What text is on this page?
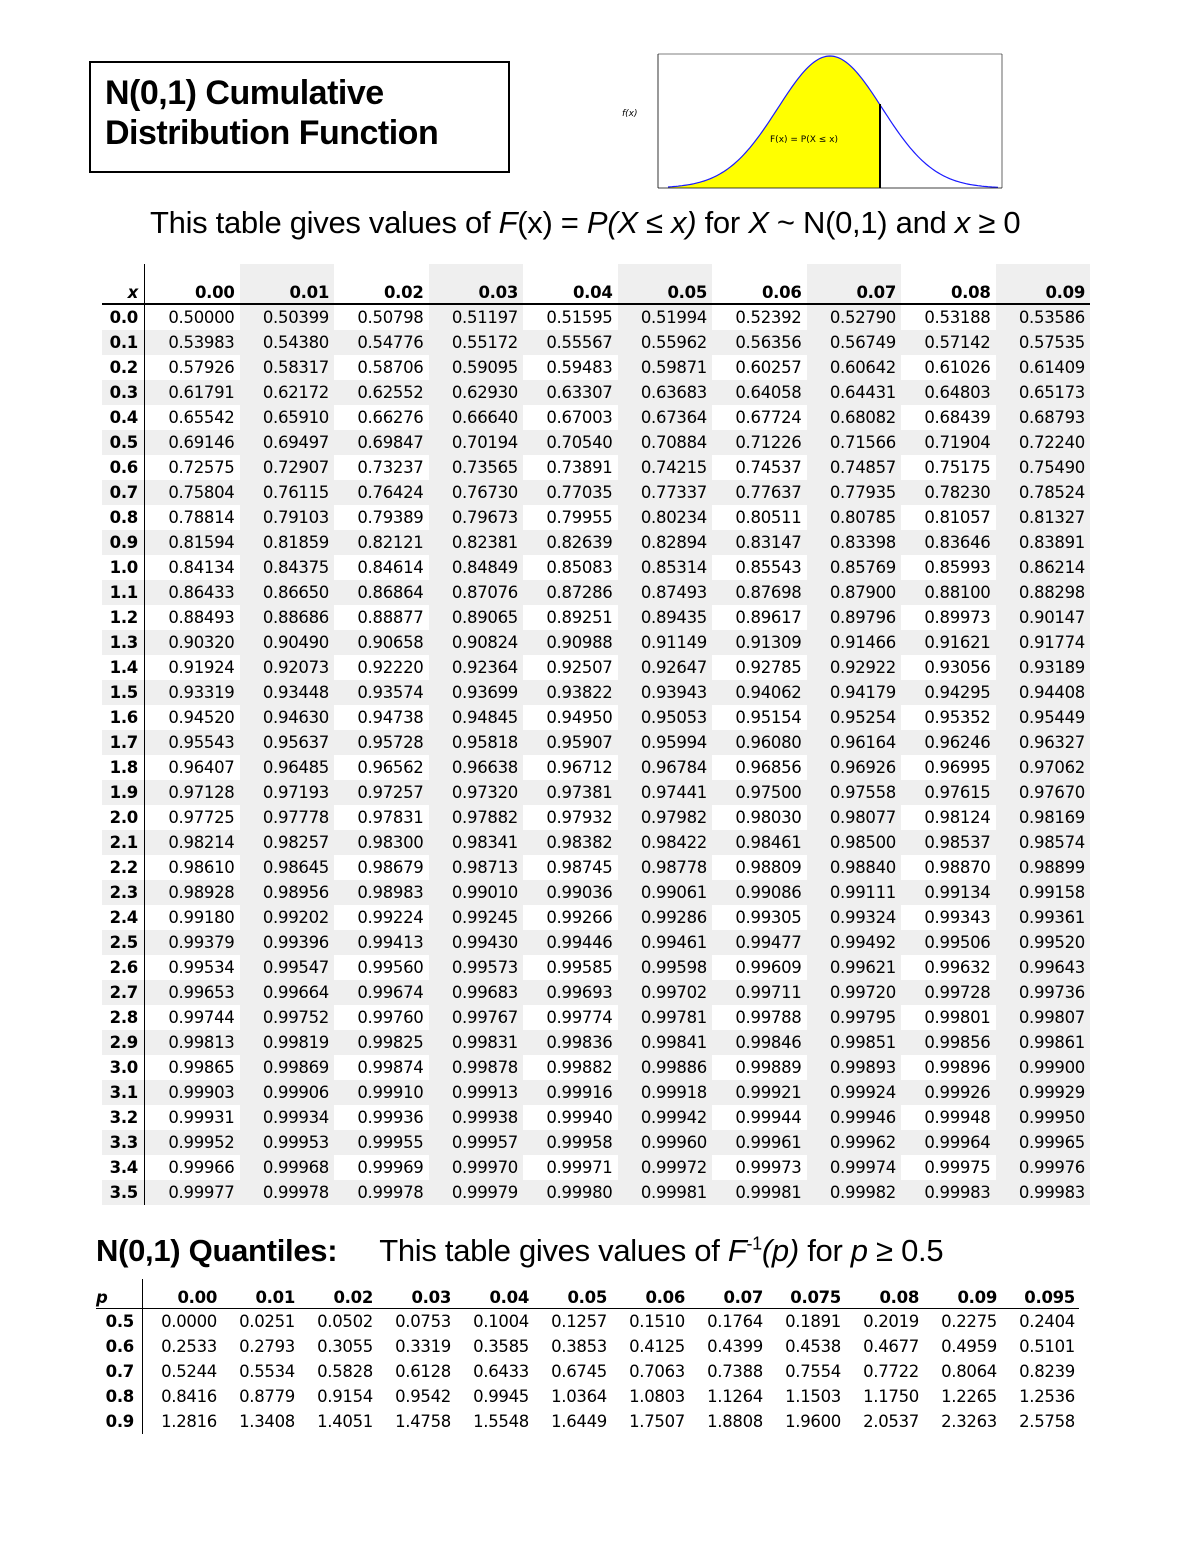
N(0,1) Cumulative
Distribution Function	f(x)
F(x) = P(X ≤ x)
This table gives values of F(x) = P(X ≤ x) for X ~ N(0,1) and x ≥ 0
x	0.00	0.01	0.02	0.03	0.04	0.05	0.06	0.07	0.08	0.09
0.0	0.50000	0.50399	0.50798	0.51197	0.51595	0.51994	0.52392	0.52790	0.53188	0.53586
0.1	0.53983	0.54380	0.54776	0.55172	0.55567	0.55962	0.56356	0.56749	0.57142	0.57535
0.2	0.57926	0.58317	0.58706	0.59095	0.59483	0.59871	0.60257	0.60642	0.61026	0.61409
0.3	0.61791	0.62172	0.62552	0.62930	0.63307	0.63683	0.64058	0.64431	0.64803	0.65173
0.4	0.65542	0.65910	0.66276	0.66640	0.67003	0.67364	0.67724	0.68082	0.68439	0.68793
0.5	0.69146	0.69497	0.69847	0.70194	0.70540	0.70884	0.71226	0.71566	0.71904	0.72240
0.6	0.72575	0.72907	0.73237	0.73565	0.73891	0.74215	0.74537	0.74857	0.75175	0.75490
0.7	0.75804	0.76115	0.76424	0.76730	0.77035	0.77337	0.77637	0.77935	0.78230	0.78524
0.8	0.78814	0.79103	0.79389	0.79673	0.79955	0.80234	0.80511	0.80785	0.81057	0.81327
0.9	0.81594	0.81859	0.82121	0.82381	0.82639	0.82894	0.83147	0.83398	0.83646	0.83891
1.0	0.84134	0.84375	0.84614	0.84849	0.85083	0.85314	0.85543	0.85769	0.85993	0.86214
1.1	0.86433	0.86650	0.86864	0.87076	0.87286	0.87493	0.87698	0.87900	0.88100	0.88298
1.2	0.88493	0.88686	0.88877	0.89065	0.89251	0.89435	0.89617	0.89796	0.89973	0.90147
1.3	0.90320	0.90490	0.90658	0.90824	0.90988	0.91149	0.91309	0.91466	0.91621	0.91774
1.4	0.91924	0.92073	0.92220	0.92364	0.92507	0.92647	0.92785	0.92922	0.93056	0.93189
1.5	0.93319	0.93448	0.93574	0.93699	0.93822	0.93943	0.94062	0.94179	0.94295	0.94408
1.6	0.94520	0.94630	0.94738	0.94845	0.94950	0.95053	0.95154	0.95254	0.95352	0.95449
1.7	0.95543	0.95637	0.95728	0.95818	0.95907	0.95994	0.96080	0.96164	0.96246	0.96327
1.8	0.96407	0.96485	0.96562	0.96638	0.96712	0.96784	0.96856	0.96926	0.96995	0.97062
1.9	0.97128	0.97193	0.97257	0.97320	0.97381	0.97441	0.97500	0.97558	0.97615	0.97670
2.0	0.97725	0.97778	0.97831	0.97882	0.97932	0.97982	0.98030	0.98077	0.98124	0.98169
2.1	0.98214	0.98257	0.98300	0.98341	0.98382	0.98422	0.98461	0.98500	0.98537	0.98574
2.2	0.98610	0.98645	0.98679	0.98713	0.98745	0.98778	0.98809	0.98840	0.98870	0.98899
2.3	0.98928	0.98956	0.98983	0.99010	0.99036	0.99061	0.99086	0.99111	0.99134	0.99158
2.4	0.99180	0.99202	0.99224	0.99245	0.99266	0.99286	0.99305	0.99324	0.99343	0.99361
2.5	0.99379	0.99396	0.99413	0.99430	0.99446	0.99461	0.99477	0.99492	0.99506	0.99520
2.6	0.99534	0.99547	0.99560	0.99573	0.99585	0.99598	0.99609	0.99621	0.99632	0.99643
2.7	0.99653	0.99664	0.99674	0.99683	0.99693	0.99702	0.99711	0.99720	0.99728	0.99736
2.8	0.99744	0.99752	0.99760	0.99767	0.99774	0.99781	0.99788	0.99795	0.99801	0.99807
2.9	0.99813	0.99819	0.99825	0.99831	0.99836	0.99841	0.99846	0.99851	0.99856	0.99861
3.0	0.99865	0.99869	0.99874	0.99878	0.99882	0.99886	0.99889	0.99893	0.99896	0.99900
3.1	0.99903	0.99906	0.99910	0.99913	0.99916	0.99918	0.99921	0.99924	0.99926	0.99929
3.2	0.99931	0.99934	0.99936	0.99938	0.99940	0.99942	0.99944	0.99946	0.99948	0.99950
3.3	0.99952	0.99953	0.99955	0.99957	0.99958	0.99960	0.99961	0.99962	0.99964	0.99965
3.4	0.99966	0.99968	0.99969	0.99970	0.99971	0.99972	0.99973	0.99974	0.99975	0.99976
3.5	0.99977	0.99978	0.99978	0.99979	0.99980	0.99981	0.99981	0.99982	0.99983	0.99983
N(0,1) Quantiles: This table gives values of $F^{-1}(p)$ for p ≥ 0.5
p	0.00	0.01	0.02	0.03	0.04	0.05	0.06	0.07	0.075	0.08	0.09	0.095
0.5	0.0000	0.0251	0.0502	0.0753	0.1004	0.1257	0.1510	0.1764	0.1891	0.2019	0.2275	0.2404
0.6	0.2533	0.2793	0.3055	0.3319	0.3585	0.3853	0.4125	0.4399	0.4538	0.4677	0.4959	0.5101
0.7	0.5244	0.5534	0.5828	0.6128	0.6433	0.6745	0.7063	0.7388	0.7554	0.7722	0.8064	0.8239
0.8	0.8416	0.8779	0.9154	0.9542	0.9945	1.0364	1.0803	1.1264	1.1503	1.1750	1.2265	1.2536
0.9	1.2816	1.3408	1.4051	1.4758	1.5548	1.6449	1.7507	1.8808	1.9600	2.0537	2.3263	2.5758
